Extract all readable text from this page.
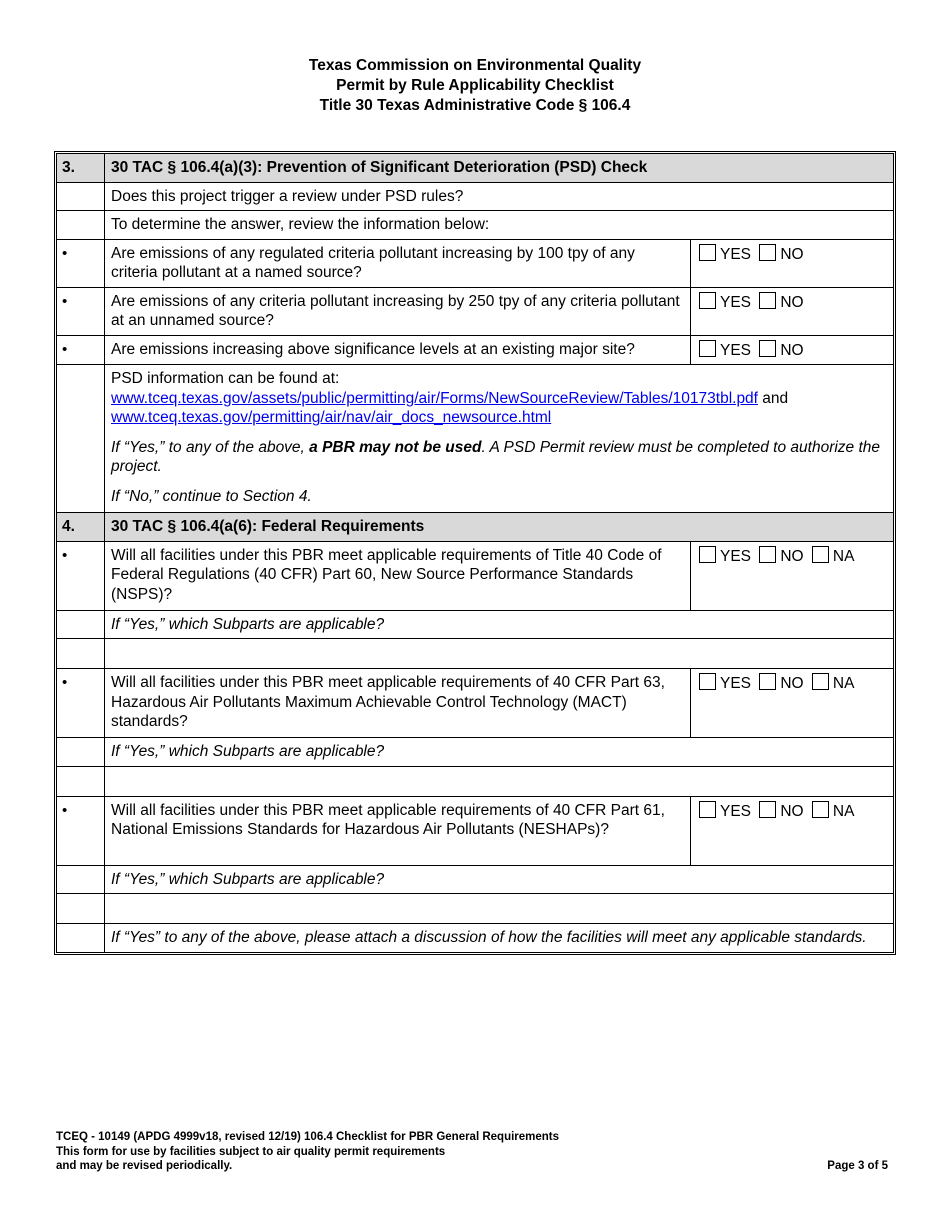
Texas Commission on Environmental Quality
Permit by Rule Applicability Checklist
Title 30 Texas Administrative Code § 106.4
3.	30 TAC § 106.4(a)(3): Prevention of Significant Deterioration (PSD) Check	
	Does this project trigger a review under PSD rules?	
	To determine the answer, review the information below:	
•	Are emissions of any regulated criteria pollutant increasing by 100 tpy of any criteria pollutant at a named source?	YES NO
•	Are emissions of any criteria pollutant increasing by 250 tpy of any criteria pollutant at an unnamed source?	YES NO
•	Are emissions increasing above significance levels at an existing major site?	YES NO

	PSD information can be found at:
www.tceq.texas.gov/assets/public/permitting/air/Forms/NewSourceReview/Tables/10173tbl.pdf and
www.tceq.texas.gov/permitting/air/nav/air_docs_newsource.html
If “Yes,” to any of the above, a PBR may not be used. A PSD Permit review must be completed to authorize the project.
If “No,” continue to Section 4.	

4.	30 TAC § 106.4(a(6): Federal Requirements	
•	Will all facilities under this PBR meet applicable requirements of Title 40 Code of Federal Regulations (40 CFR) Part 60, New Source Performance Standards (NSPS)?	YES NO NA
	If “Yes,” which Subparts are applicable?	

•	Will all facilities under this PBR meet applicable requirements of 40 CFR Part 63, Hazardous Air Pollutants Maximum Achievable Control Technology (MACT) standards?	YES NO NA
	If “Yes,” which Subparts are applicable?	

•	Will all facilities under this PBR meet applicable requirements of 40 CFR Part 61, National Emissions Standards for Hazardous Air Pollutants (NESHAPs)?	YES NO NA
	If “Yes,” which Subparts are applicable?	

	If “Yes” to any of the above, please attach a discussion of how the facilities will meet any applicable standards.	
TCEQ - 10149 (APDG 4999v18, revised 12/19) 106.4 Checklist for PBR General Requirements
This form for use by facilities subject to air quality permit requirements
and may be revised periodically.	Page 3 of 5
